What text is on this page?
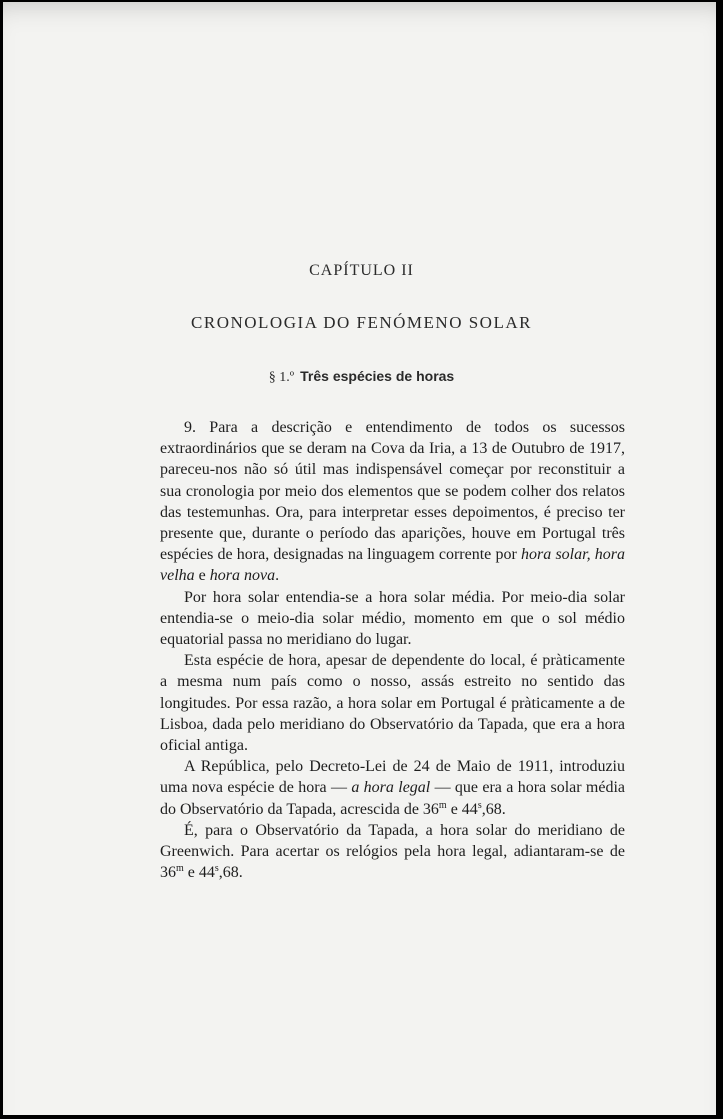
CAPÍTULO II
CRONOLOGIA DO FENÓMENO SOLAR
§ 1.º Três espécies de horas

9. Para a descrição e entendimento de todos os sucessos extraordinários que se deram na Cova da Iria, a 13 de Outubro de 1917, pareceu-nos não só útil mas indispensável começar por reconstituir a sua cronologia por meio dos elementos que se podem colher dos relatos das testemunhas. Ora, para interpretar esses depoimentos, é preciso ter presente que, durante o período das aparições, houve em Portugal três espécies de hora, designadas na linguagem corrente por hora solar, hora velha e hora nova.

Por hora solar entendia-se a hora solar média. Por meio-dia solar entendia-se o meio-dia solar médio, momento em que o sol médio equatorial passa no meridiano do lugar.

Esta espécie de hora, apesar de dependente do local, é pràticamente a mesma num país como o nosso, assás estreito no sentido das longitudes. Por essa razão, a hora solar em Portugal é pràticamente a de Lisboa, dada pelo meridiano do Observatório da Tapada, que era a hora oficial antiga.

A República, pelo Decreto-Lei de 24 de Maio de 1911, introduziu uma nova espécie de hora — a hora legal — que era a hora solar média do Observatório da Tapada, acrescida de 36$^m$ e 44$^s$,68.

É, para o Observatório da Tapada, a hora solar do meridiano de Greenwich. Para acertar os relógios pela hora legal, adiantaram-se de 36$^m$ e 44$^s$,68.
